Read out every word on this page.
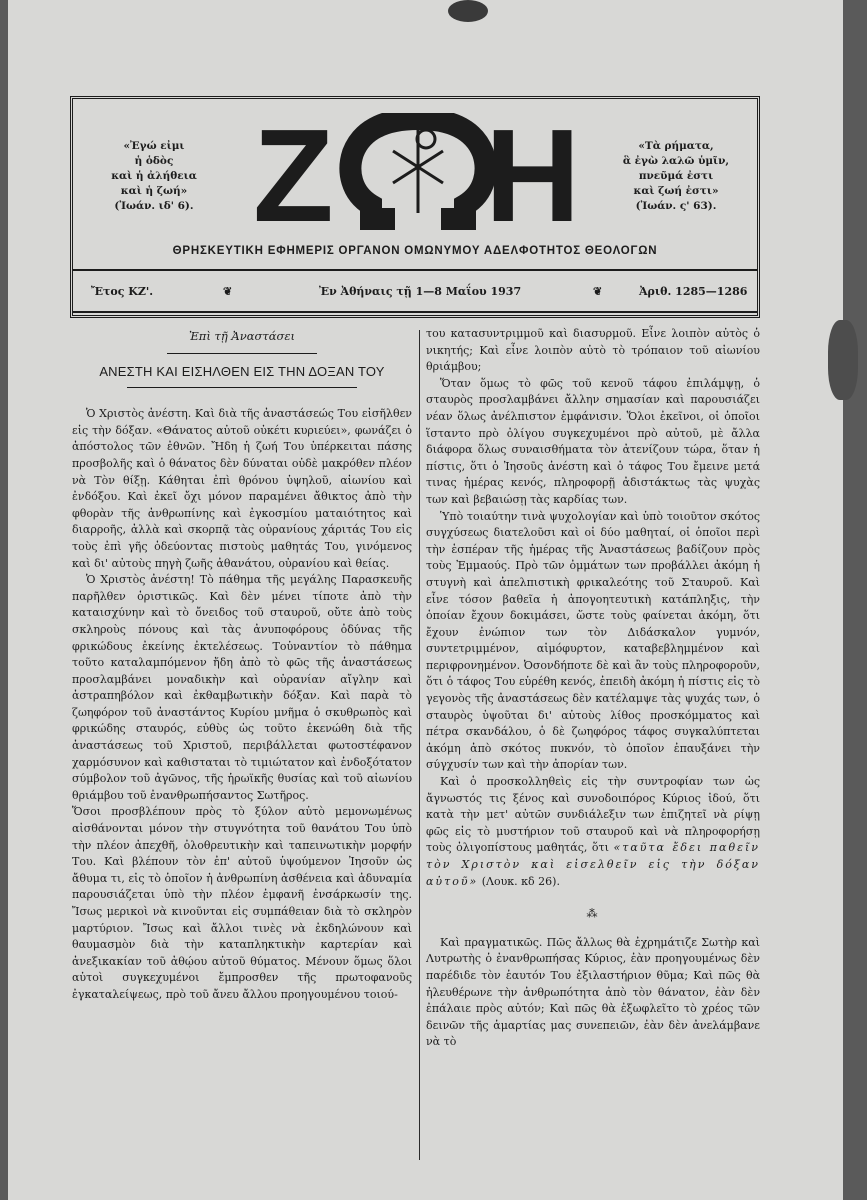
«Ἐγώ εἰμι
ἡ ὁδὸς
καὶ ἡ ἀλήθεια
καὶ ἡ ζωή»
(Ἰωάν. ιδ' 6). Ζ Η	«Τὰ ρήματα,
ἃ ἐγὼ λαλῶ ὑμῖν,
πνεῦμά ἐστι
καὶ ζωή ἐστι»
(Ἰωάν. ς' 63).
ΘΡΗΣΚΕΥΤΙΚΗ ΕΦΗΜΕΡΙΣ ΟΡΓΑΝΟΝ ΟΜΩΝΥΜΟΥ ΑΔΕΛΦΟΤΗΤΟΣ ΘΕΟΛΟΓΩΝ
Ἔτος ΚΖ'.	❦	Ἐν Ἀθήναις τῇ 1—8 Μαΐου 1937	❦	Ἀριθ. 1285—1286
Ἐπὶ τῇ Ἀναστάσει
ΑΝΕΣΤΗ ΚΑΙ ΕΙΣΗΛΘΕΝ ΕΙΣ ΤΗΝ ΔΟΞΑΝ ΤΟΥ

Ὁ Χριστὸς ἀνέστη. Καὶ διὰ τῆς ἀναστάσεώς Του εἰσῆλθεν εἰς τὴν δόξαν. «Θάνατος αὐτοῦ οὐκέτι κυριεύει», φωνάζει ὁ ἀπόστολος τῶν ἐθνῶν. Ἤδη ἡ ζωή Του ὑπέρκειται πάσης προσβολῆς καὶ ὁ θάνατος δὲν δύναται οὐδὲ μακρόθεν πλέον νὰ Τὸν θίξῃ. Κάθηται ἐπὶ θρόνου ὑψηλοῦ, αἰωνίου καὶ ἐνδόξου. Καὶ ἐκεῖ ὄχι μόνον παραμένει ἄθικτος ἀπὸ τὴν φθορὰν τῆς ἀνθρωπίνης καὶ ἐγκοσμίου ματαιότητος καὶ διαρροῆς, ἀλλὰ καὶ σκορπᾷ τὰς οὐρανίους χάριτάς Του εἰς τοὺς ἐπὶ γῆς ὁδεύοντας πιστοὺς μαθητάς Του, γινόμενος καὶ δι' αὐτοὺς πηγὴ ζωῆς ἀθανάτου, οὐρανίου καὶ θείας.

Ὁ Χριστὸς ἀνέστη! Τὸ πάθημα τῆς μεγάλης Παρασκευῆς παρῆλθεν ὁριστικῶς. Καὶ δὲν μένει τίποτε ἀπὸ τὴν καταισχύνην καὶ τὸ ὄνειδος τοῦ σταυροῦ, οὔτε ἀπὸ τοὺς σκληροὺς πόνους καὶ τὰς ἀνυποφόρους ὀδύνας τῆς φρικώδους ἐκείνης ἐκτελέσεως. Τοὐναντίον τὸ πάθημα τοῦτο καταλαμπόμενον ἤδη ἀπὸ τὸ φῶς τῆς ἀναστάσεως προσλαμβάνει μοναδικὴν καὶ οὐρανίαν αἴγλην καὶ ἀστραπηβόλον καὶ ἐκθαμβωτικὴν δόξαν. Καὶ παρὰ τὸ ζωηφόρον τοῦ ἀναστάντος Κυρίου μνῆμα ὁ σκυθρωπὸς καὶ φρικώδης σταυρός, εὐθὺς ὡς τοῦτο ἐκενώθη διὰ τῆς ἀναστάσεως τοῦ Χριστοῦ, περιβάλλεται φωτοστέφανον χαρμόσυνον καὶ καθισταται τὸ τιμιώτατον καὶ ἐνδοξότατον σύμβολον τοῦ ἀγῶνος, τῆς ἡρωϊκῆς θυσίας καὶ τοῦ αἰωνίου θριάμβου τοῦ ἐνανθρωπήσαντος Σωτῆρος.

Ὅσοι προσβλέπουν πρὸς τὸ ξύλον αὐτὸ μεμονωμένως αἰσθάνονται μόνον τὴν στυγνότητα τοῦ θανάτου Του ὑπὸ τὴν πλέον ἀπεχθῆ, ὀλοθρευτικὴν καὶ ταπεινωτικὴν μορφήν Του. Καὶ βλέπουν τὸν ἐπ' αὐτοῦ ὑψούμενον Ἰησοῦν ὡς ἄθυμα τι, εἰς τὸ ὁποῖον ἡ ἀνθρωπίνη ἀσθένεια καὶ ἀδυναμία παρουσιάζεται ὑπὸ τὴν πλέον ἐμφανῆ ἐνσάρκωσίν της. Ἴσως μερικοὶ νὰ κινοῦνται εἰς συμπάθειαν διὰ τὸ σκληρὸν μαρτύριον. Ἴσως καὶ ἄλλοι τινὲς νὰ ἐκδηλώνουν καὶ θαυμασμὸν διὰ τὴν καταπληκτικὴν καρτερίαν καὶ ἀνεξικακίαν τοῦ ἀθῴου αὐτοῦ θύματος. Μένουν ὅμως ὅλοι αὐτοὶ συγκεχυμένοι ἔμπροσθεν τῆς πρωτοφανοῦς ἐγκαταλείψεως, πρὸ τοῦ ἄνευ ἄλλου προηγουμένου τοιού-

του κατασυντριμμοῦ καὶ διασυρμοῦ. Εἶνε λοιπὸν αὐτὸς ὁ νικητής; Καὶ εἶνε λοιπὸν αὐτὸ τὸ τρόπαιον τοῦ αἰωνίου θριάμβου;

Ὅταν ὅμως τὸ φῶς τοῦ κενοῦ τάφου ἐπιλάμψῃ, ὁ σταυρὸς προσλαμβάνει ἄλλην σημασίαν καὶ παρουσιάζει νέαν ὅλως ἀνέλπιστον ἐμφάνισιν. Ὅλοι ἐκεῖνοι, οἱ ὁποῖοι ἵσταντο πρὸ ὀλίγου συγκεχυμένοι πρὸ αὐτοῦ, μὲ ἄλλα διάφορα ὅλως συναισθήματα τὸν ἀτενίζουν τώρα, ὅταν ἡ πίστις, ὅτι ὁ Ἰησοῦς ἀνέστη καὶ ὁ τάφος Του ἔμεινε μετά τινας ἡμέρας κενός, πληροφορῇ ἀδιστάκτως τὰς ψυχὰς των καὶ βεβαιώσῃ τὰς καρδίας των.

Ὑπὸ τοιαύτην τινὰ ψυχολογίαν καὶ ὑπὸ τοιοῦτον σκότος συγχύσεως διατελοῦσι καὶ οἱ δύο μαθηταί, οἱ ὁποῖοι περὶ τὴν ἑσπέραν τῆς ἡμέρας τῆς Ἀναστάσεως βαδίζουν πρὸς τοὺς Ἐμμαούς. Πρὸ τῶν ὀμμάτων των προβάλλει ἀκόμη ἡ στυγνὴ καὶ ἀπελπιστικὴ φρικαλεότης τοῦ Σταυροῦ. Καὶ εἶνε τόσον βαθεῖα ἡ ἀπογοητευτικὴ κατάπληξις, τὴν ὁποίαν ἔχουν δοκιμάσει, ὥστε τοὺς φαίνεται ἀκόμη, ὅτι ἔχουν ἐνώπιον των τὸν Διδάσκαλον γυμνόν, συντετριμμένον, αἱμόφυρτον, καταβεβλημμένον καὶ περιφρονημένον. Ὀσονδήποτε δὲ καὶ ἂν τοὺς πληροφοροῦν, ὅτι ὁ τάφος Του εὑρέθη κενός, ἐπειδὴ ἀκόμη ἡ πίστις εἰς τὸ γεγονὸς τῆς ἀναστάσεως δὲν κατέλαμψε τὰς ψυχάς των, ὁ σταυρὸς ὑψοῦται δι' αὐτοὺς λίθος προσκόμματος καὶ πέτρα σκανδάλου, ὁ δὲ ζωηφόρος τάφος συγκαλύπτεται ἀκόμη ἀπὸ σκότος πυκνόν, τὸ ὁποῖον ἐπαυξάνει τὴν σύγχυσίν των καὶ τὴν ἀπορίαν των.

Καὶ ὁ προσκολληθεὶς εἰς τὴν συντροφίαν των ὡς ἄγνωστός τις ξένος καὶ συνοδοιπόρος Κύριος ἰδού, ὅτι κατὰ τὴν μετ' αὐτῶν συνδιάλεξιν των ἐπιζητεῖ νὰ ρίψῃ φῶς εἰς τὸ μυστήριον τοῦ σταυροῦ καὶ νὰ πληροφορήσῃ τοὺς ὀλιγοπίστους μαθητάς, ὅτι «ταῦτα ἔδει παθεῖν τὸν Χριστὸν καὶ εἰσελθεῖν εἰς τὴν δόξαν αὐτοῦ» (Λουκ. κδ 26).

⁂

Καὶ πραγματικῶς. Πῶς ἄλλως θὰ ἐχρημάτιζε Σωτὴρ καὶ Λυτρωτὴς ὁ ἐνανθρωπήσας Κύριος, ἐὰν προηγουμένως δὲν παρέδιδε τὸν ἑαυτόν Του ἐξιλαστήριον θῦμα; Καὶ πῶς θὰ ἠλευθέρωνε τὴν ἀνθρωπότητα ἀπὸ τὸν θάνατον, ἐὰν δὲν ἐπάλαιε πρὸς αὐτόν; Καὶ πῶς θὰ ἐξωφλεῖτο τὸ χρέος τῶν δεινῶν τῆς ἁμαρτίας μας συνεπειῶν, ἐὰν δὲν ἀνελάμβανε νὰ τὸ
